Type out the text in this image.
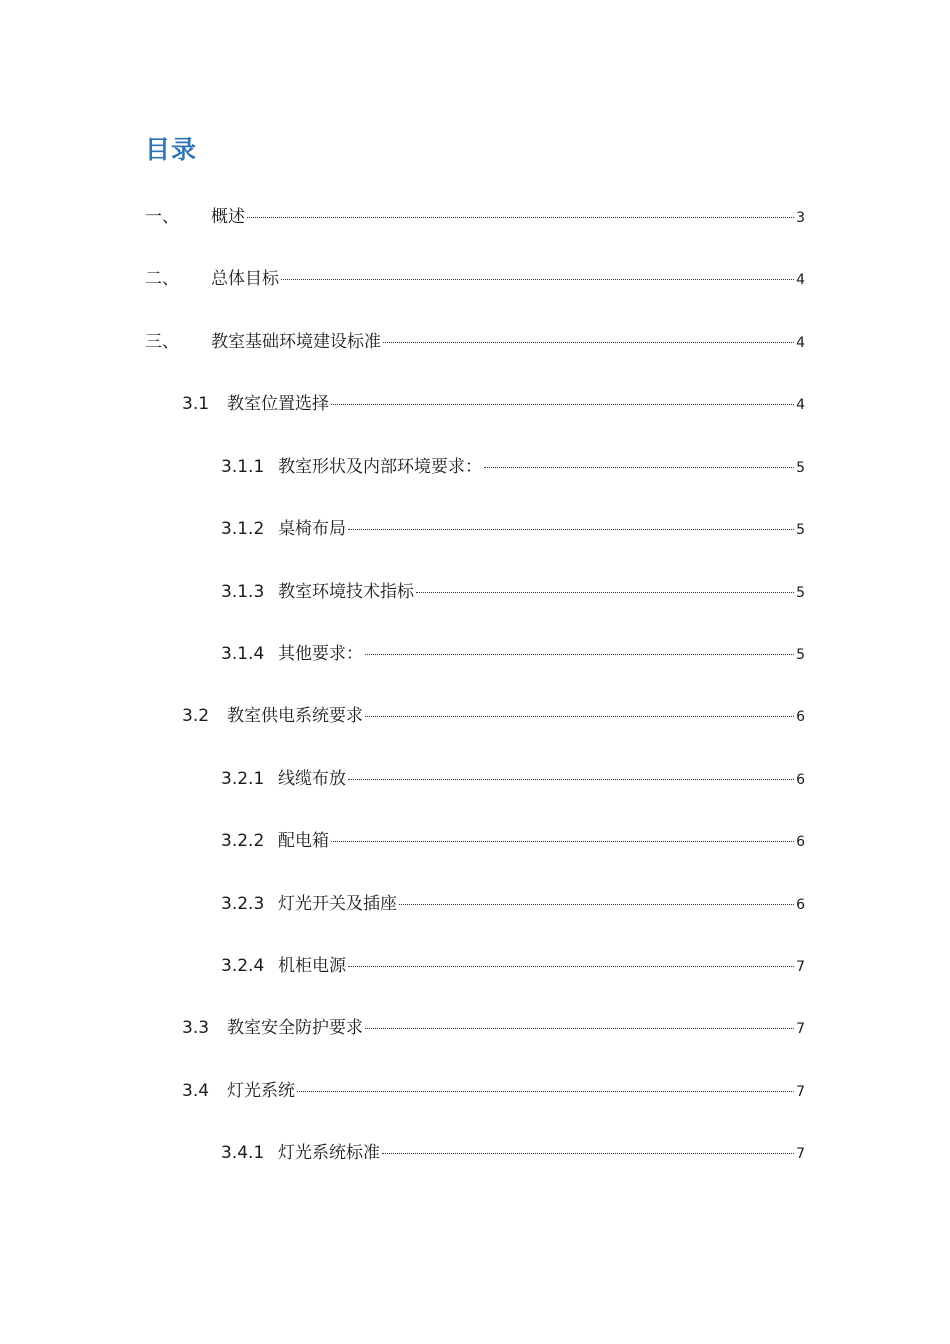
目录
一、	概述	3
二、	总体目标	4
三、	教室基础环境建设标准	4
3.1	教室位置选择	4
3.1.1 教室形状及内部环境要求：	5
3.1.2 桌椅布局	5
3.1.3 教室环境技术指标	5
3.1.4 其他要求：	5
3.2	教室供电系统要求	6
3.2.1 线缆布放	6
3.2.2 配电箱	6
3.2.3 灯光开关及插座	6
3.2.4 机柜电源	7
3.3	教室安全防护要求	7
3.4	灯光系统	7
3.4.1 灯光系统标准	7
